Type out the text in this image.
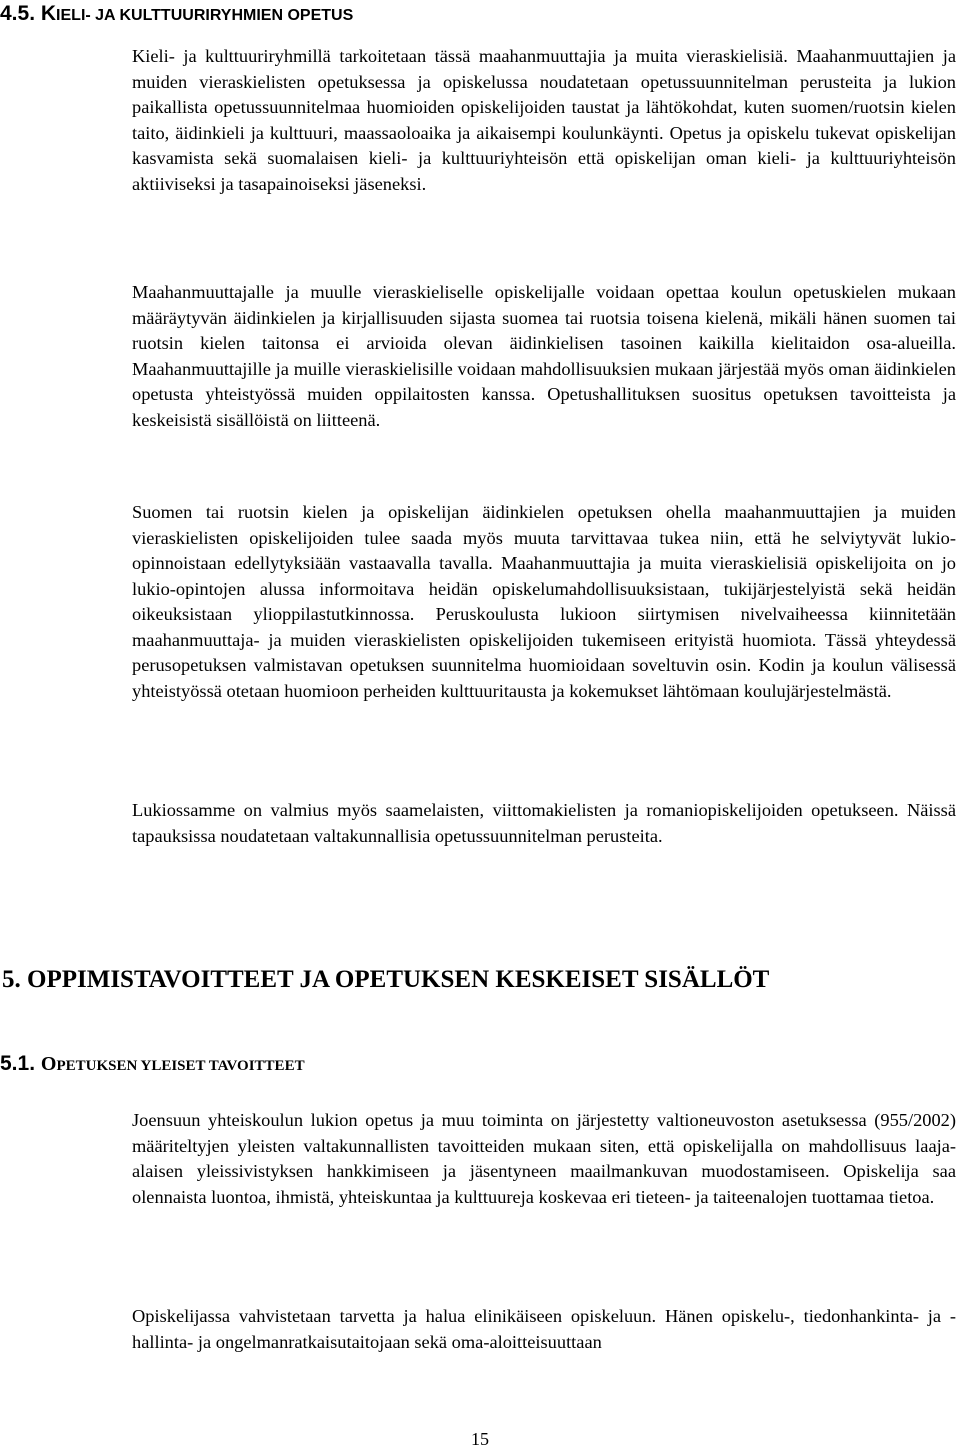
4.5. KIELI- JA KULTTUURIRYHMIEN OPETUS

Kieli- ja kulttuuriryhmillä tarkoitetaan tässä maahanmuuttajia ja muita vieraskielisiä. Maahanmuuttajien ja muiden vieraskielisten opetuksessa ja opiskelussa noudatetaan opetussuunnitelman perusteita ja lukion paikallista opetussuunnitelmaa huomioiden opiskelijoiden taustat ja lähtökohdat, kuten suomen/ruotsin kielen taito, äidinkieli ja kulttuuri, maassaoloaika ja aikaisempi koulunkäynti. Opetus ja opiskelu tukevat opiskelijan kasvamista sekä suomalaisen kieli- ja kulttuuriyhteisön että opiskelijan oman kieli- ja kulttuuriyhteisön aktiiviseksi ja tasapainoiseksi jäseneksi.

Maahanmuuttajalle ja muulle vieraskieliselle opiskelijalle voidaan opettaa koulun opetuskielen mukaan määräytyvän äidinkielen ja kirjallisuuden sijasta suomea tai ruotsia toisena kielenä, mikäli hänen suomen tai ruotsin kielen taitonsa ei arvioida olevan äidinkielisen tasoinen kaikilla kielitaidon osa-alueilla. Maahanmuuttajille ja muille vieraskielisille voidaan mahdollisuuksien mukaan järjestää myös oman äidinkielen opetusta yhteistyössä muiden oppilaitosten kanssa. Opetushallituksen suositus opetuksen tavoitteista ja keskeisistä sisällöistä on liitteenä.

Suomen tai ruotsin kielen ja opiskelijan äidinkielen opetuksen ohella maahanmuuttajien ja muiden vieraskielisten opiskelijoiden tulee saada myös muuta tarvittavaa tukea niin, että he selviytyvät lukio-opinnoistaan edellytyksiään vastaavalla tavalla. Maahanmuuttajia ja muita vieraskielisiä opiskelijoita on jo lukio-opintojen alussa informoitava heidän opiskelumahdollisuuksistaan, tukijärjestelyistä sekä heidän oikeuksistaan ylioppilastutkinnossa. Peruskoulusta lukioon siirtymisen nivelvaiheessa kiinnitetään maahanmuuttaja- ja muiden vieraskielisten opiskelijoiden tukemiseen erityistä huomiota. Tässä yhteydessä perusopetuksen valmistavan opetuksen suunnitelma huomioidaan soveltuvin osin. Kodin ja koulun välisessä yhteistyössä otetaan huomioon perheiden kulttuuritausta ja kokemukset lähtömaan koulujärjestelmästä.

Lukiossamme on valmius myös saamelaisten, viittomakielisten ja romaniopiskelijoiden opetukseen. Näissä tapauksissa noudatetaan valtakunnallisia opetussuunnitelman perusteita.

5. OPPIMISTAVOITTEET JA OPETUKSEN KESKEISET SISÄLLÖT
5.1. OPETUKSEN YLEISET TAVOITTEET

Joensuun yhteiskoulun lukion opetus ja muu toiminta on järjestetty valtioneuvoston asetuksessa (955/2002) määriteltyjen yleisten valtakunnallisten tavoitteiden mukaan siten, että opiskelijalla on mahdollisuus laaja-alaisen yleissivistyksen hankkimiseen ja jäsentyneen maailmankuvan muodostamiseen. Opiskelija saa olennaista luontoa, ihmistä, yhteiskuntaa ja kulttuureja koskevaa eri tieteen- ja taiteenalojen tuottamaa tietoa.

Opiskelijassa vahvistetaan tarvetta ja halua elinikäiseen opiskeluun. Hänen opiskelu-, tiedonhankinta- ja -hallinta- ja ongelmanratkaisutaitojaan sekä oma-aloitteisuuttaan

15
